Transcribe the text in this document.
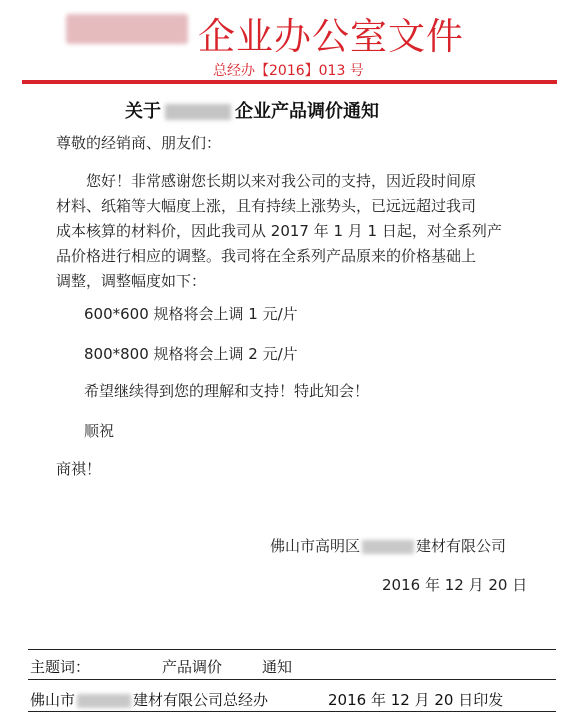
企业办公室文件
总经办【2016】013 号
关于	企业产品调价通知
尊敬的经销商、朋友们：
您好！非常感谢您长期以来对我公司的支持，因近段时间原
材料、纸箱等大幅度上涨，且有持续上涨势头，已远远超过我司
成本核算的材料价，因此我司从 2017 年 1 月 1 日起，对全系列产
品价格进行相应的调整。我司将在全系列产品原来的价格基础上
调整，调整幅度如下：
600*600 规格将会上调 1 元/片
800*800 规格将会上调 2 元/片
希望继续得到您的理解和支持！特此知会！
顺祝
商祺！
佛山市高明区	建材有限公司
2016 年 12 月 20 日
主题词：	产品调价	通知
佛山市	建材有限公司总经办	2016 年 12 月 20 日印发
